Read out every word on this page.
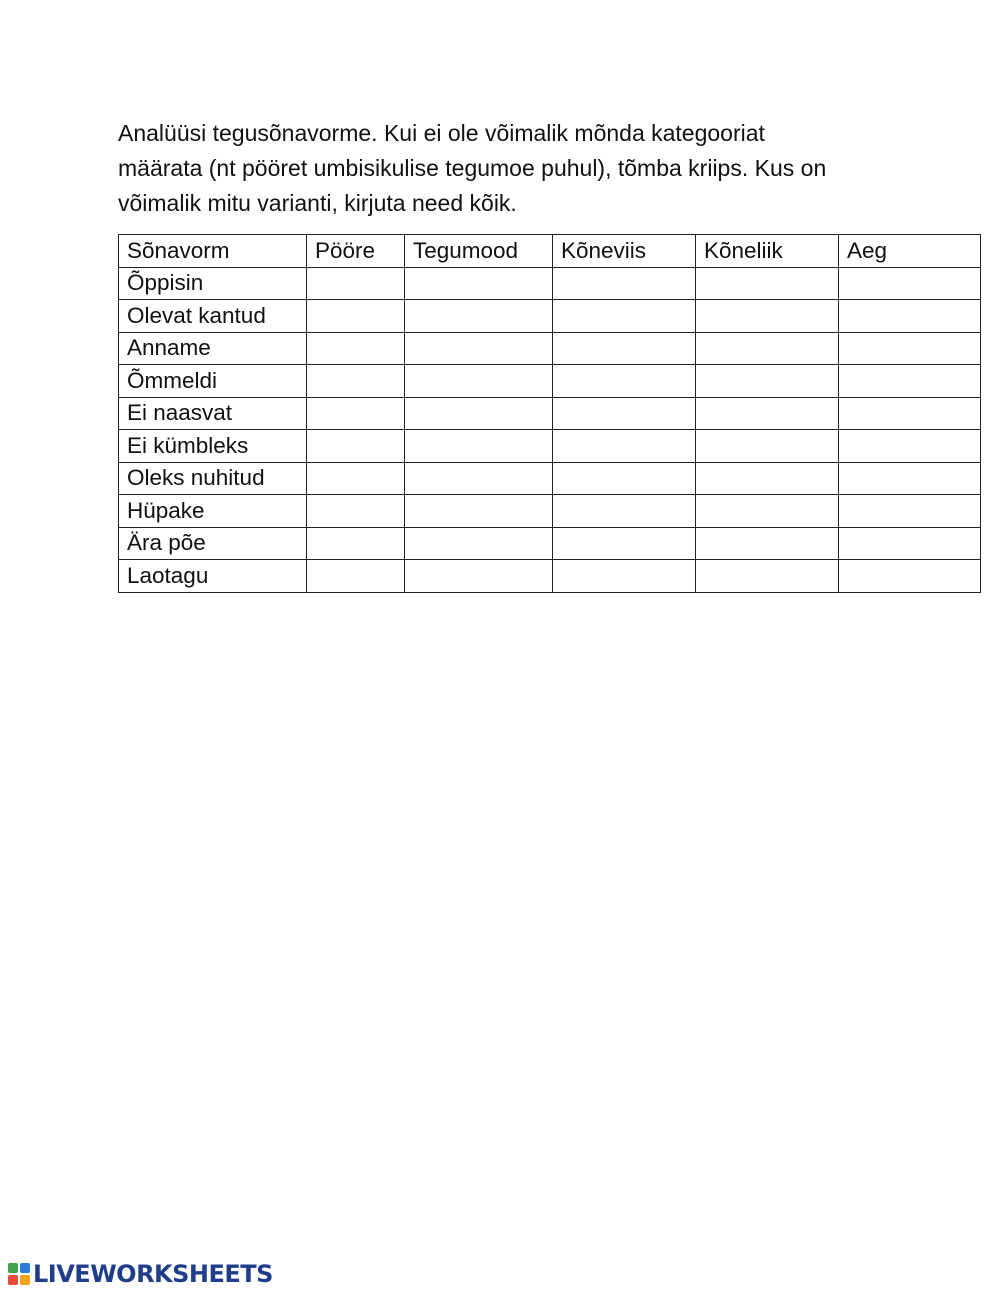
Analüüsi tegusõnavorme. Kui ei ole võimalik mõnda kategooriat
määrata (nt pööret umbisikulise tegumoe puhul), tõmba kriips. Kus on
võimalik mitu varianti, kirjuta need kõik.

Sõnavorm	Pööre	Tegumood	Kõneviis	Kõneliik	Aeg
Õppisin					
Olevat kantud					
Anname					
Õmmeldi					
Ei naasvat					
Ei kümbleks					
Oleks nuhitud					
Hüpake					
Ära põe					
Laotagu					
LIVEWORKSHEETS
